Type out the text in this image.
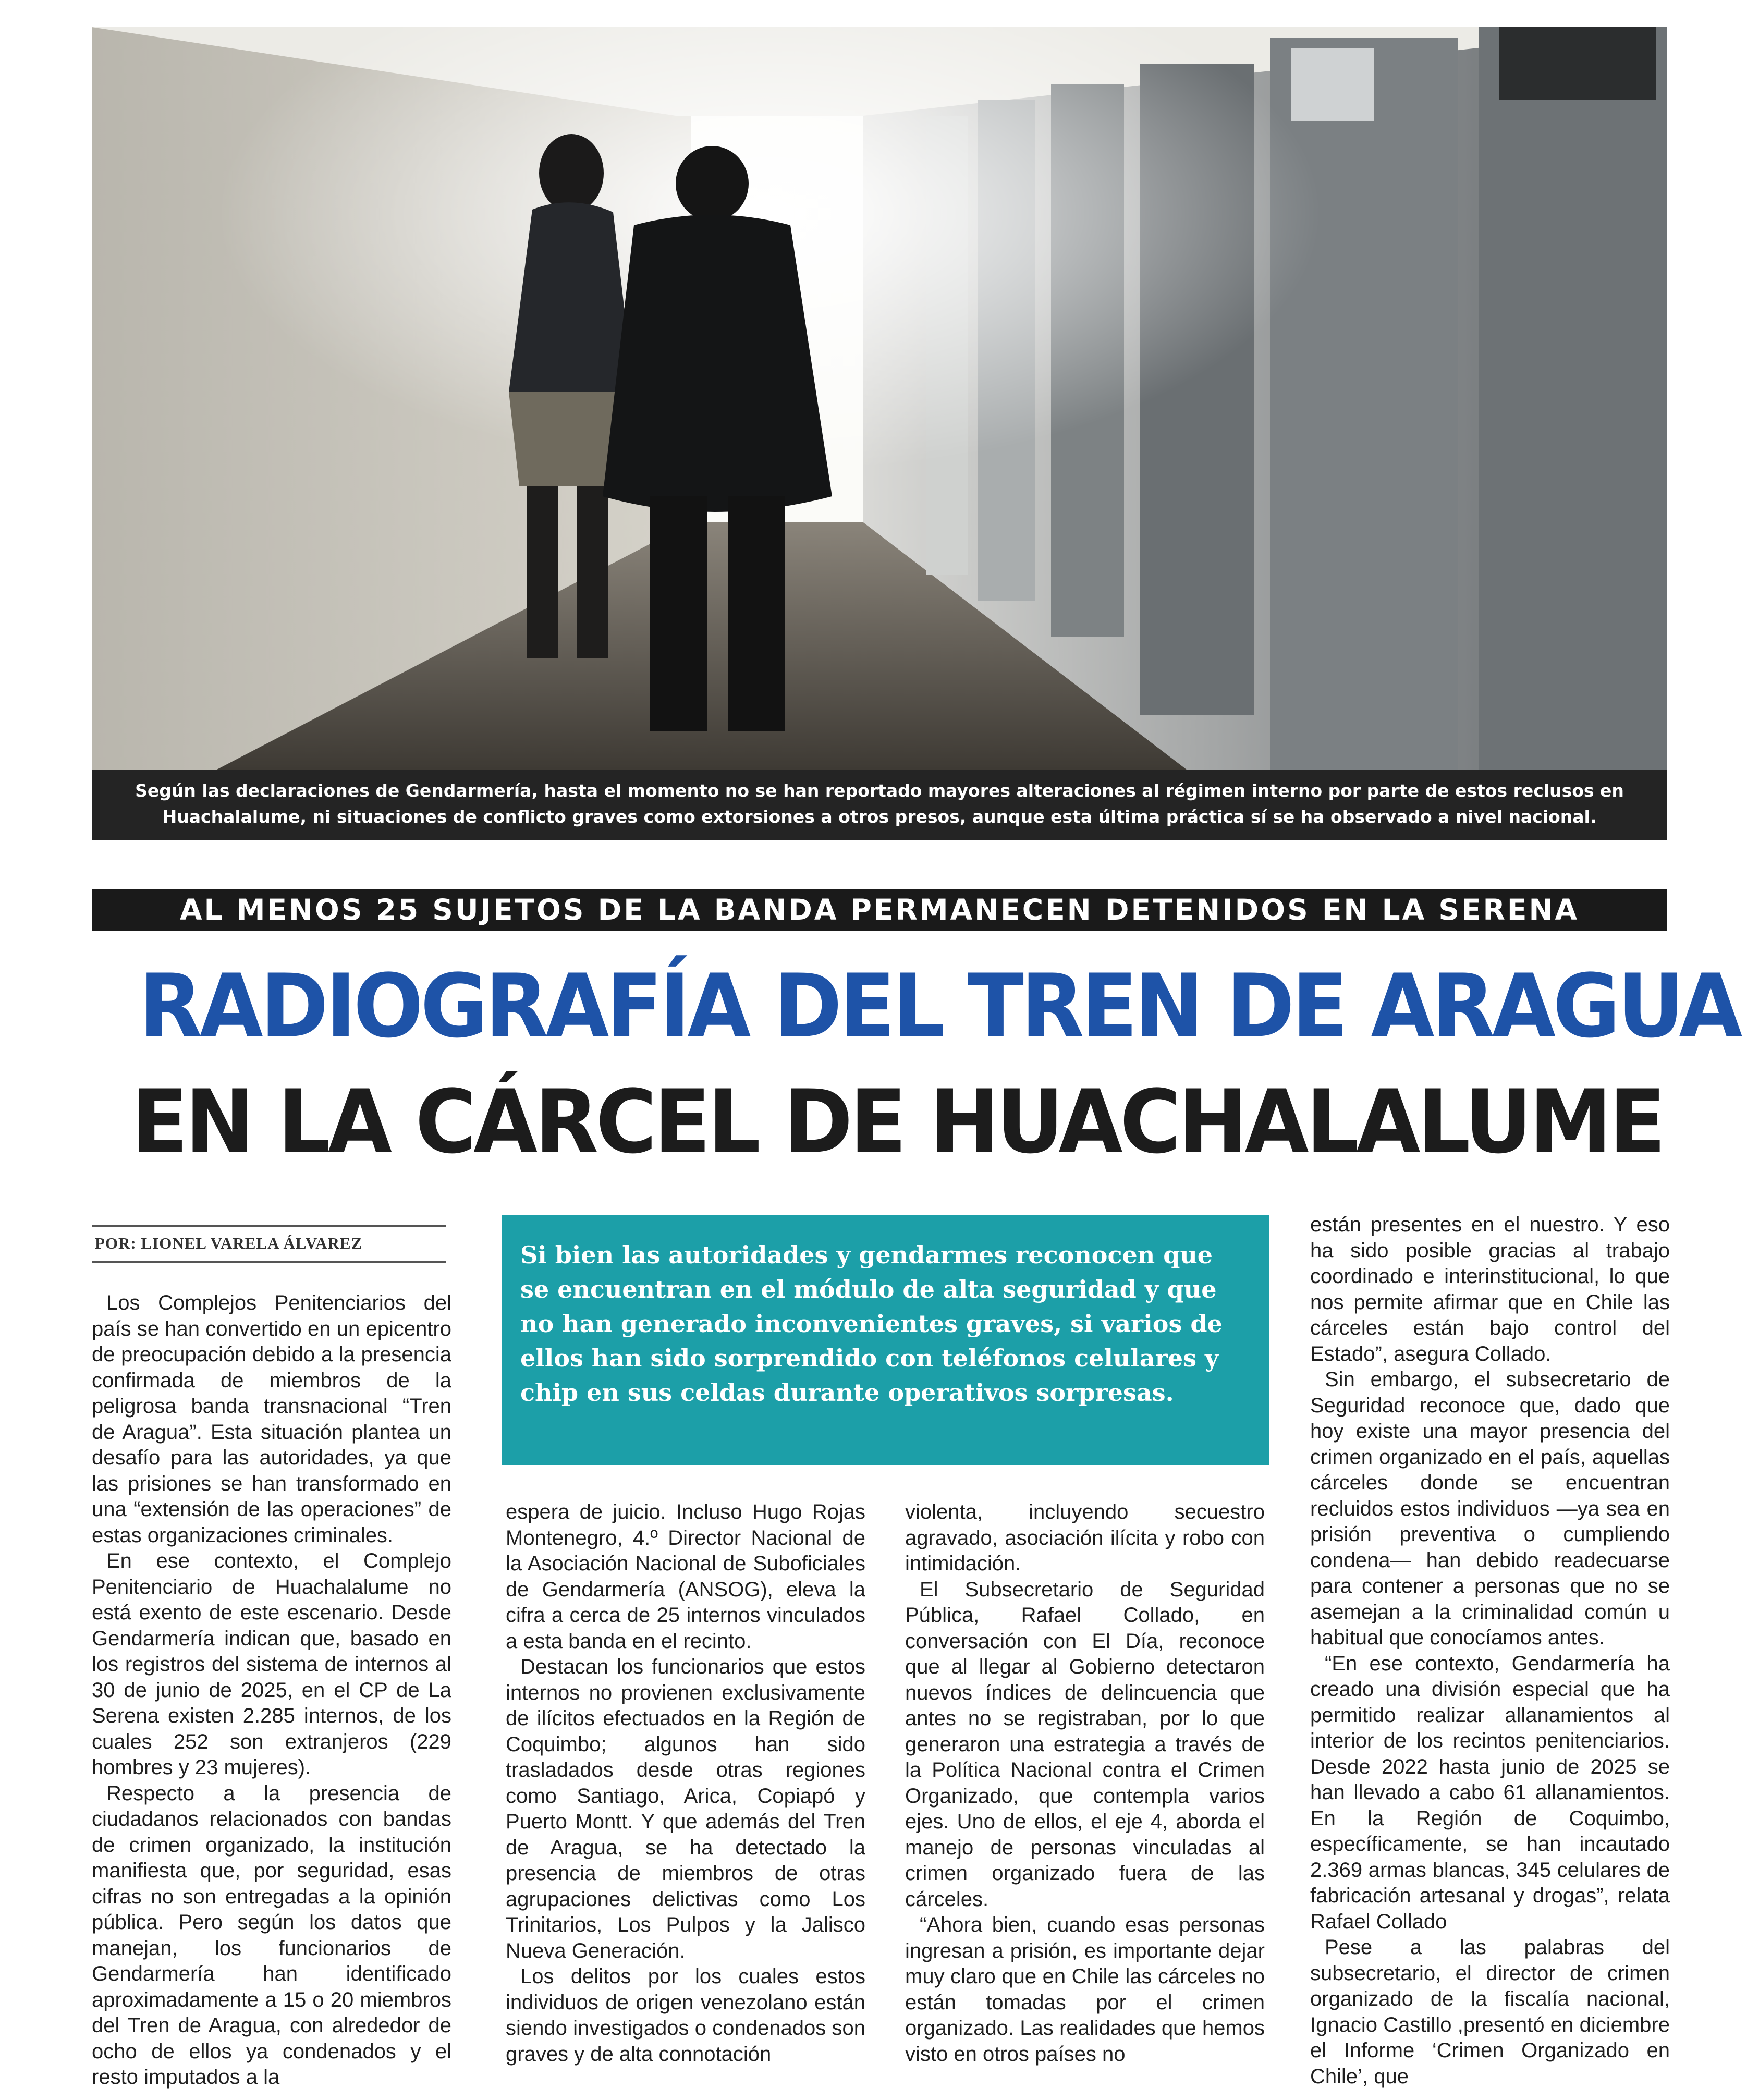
Según las declaraciones de Gendarmería, hasta el momento no se han reportado mayores alteraciones al régimen interno por parte de estos reclusos en Huachalalume, ni situaciones de conflicto graves como extorsiones a otros presos, aunque esta última práctica sí se ha observado a nivel nacional.
AL MENOS 25 SUJETOS DE LA BANDA PERMANECEN DETENIDOS EN LA SERENA
RADIOGRAFÍA DEL TREN DE ARAGUA
EN LA CÁRCEL DE HUACHALALUME
POR: LIONEL VARELA ÁLVAREZ	Si bien las autoridades y gendarmes reconocen que se encuentran en el módulo de alta seguridad y que no han generado inconvenientes graves, si varios de ellos han sido sorprendido con teléfonos celulares y chip en sus celdas durante operativos sorpresas.

Los Complejos Penitenciarios del país se han convertido en un epicentro de preocupación debido a la presencia confirmada de miembros de la peligrosa banda transnacional “Tren de Aragua”. Esta situación plantea un desafío para las autoridades, ya que las prisiones se han transformado en una “extensión de las operaciones” de estas organizaciones criminales.

En ese contexto, el Complejo Penitenciario de Huachalalume no está exento de este escenario. Desde Gendarmería indican que, basado en los registros del sistema de internos al 30 de junio de 2025, en el CP de La Serena existen 2.285 internos, de los cuales 252 son extranjeros (229 hombres y 23 mujeres).

Respecto a la presencia de ciudadanos relacionados con bandas de crimen organizado, la institución manifiesta que, por seguridad, esas cifras no son entregadas a la opinión pública. Pero según los datos que manejan, los funcionarios de Gendarmería han identificado aproximadamente a 15 o 20 miembros del Tren de Aragua, con alrededor de ocho de ellos ya condenados y el resto imputados a la

espera de juicio. Incluso Hugo Rojas Montenegro, 4.º Director Nacional de la Asociación Nacional de Suboficiales de Gendarmería (ANSOG), eleva la cifra a cerca de 25 internos vinculados a esta banda en el recinto.

Destacan los funcionarios que estos internos no provienen exclusivamente de ilícitos efectuados en la Región de Coquimbo; algunos han sido trasladados desde otras regiones como Santiago, Arica, Copiapó y Puerto Montt. Y que además del Tren de Aragua, se ha detectado la presencia de miembros de otras agrupaciones delictivas como Los Trinitarios, Los Pulpos y la Jalisco Nueva Generación.

Los delitos por los cuales estos individuos de origen venezolano están siendo investigados o condenados son graves y de alta connotación

violenta, incluyendo secuestro agravado, asociación ilícita y robo con intimidación.

El Subsecretario de Seguridad Pública, Rafael Collado, en conversación con El Día, reconoce que al llegar al Gobierno detectaron nuevos índices de delincuencia que antes no se registraban, por lo que generaron una estrategia a través de la Política Nacional contra el Crimen Organizado, que contempla varios ejes. Uno de ellos, el eje 4, aborda el manejo de personas vinculadas al crimen organizado fuera de las cárceles.

“Ahora bien, cuando esas personas ingresan a prisión, es importante dejar muy claro que en Chile las cárceles no están tomadas por el crimen organizado. Las realidades que hemos visto en otros países no

están presentes en el nuestro. Y eso ha sido posible gracias al trabajo coordinado e interinstitucional, lo que nos permite afirmar que en Chile las cárceles están bajo control del Estado”, asegura Collado.

Sin embargo, el subsecretario de Seguridad reconoce que, dado que hoy existe una mayor presencia del crimen organizado en el país, aquellas cárceles donde se encuentran recluidos estos individuos —ya sea en prisión preventiva o cumpliendo condena— han debido readecuarse para contener a personas que no se asemejan a la criminalidad común u habitual que conocíamos antes.

“En ese contexto, Gendarmería ha creado una división especial que ha permitido realizar allanamientos al interior de los recintos penitenciarios. Desde 2022 hasta junio de 2025 se han llevado a cabo 61 allanamientos. En la Región de Coquimbo, específicamente, se han incautado 2.369 armas blancas, 345 celulares de fabricación artesanal y drogas”, relata Rafael Collado

Pese a las palabras del subsecretario, el director de crimen organizado de la fiscalía nacional, Ignacio Castillo ,presentó en diciembre el Informe ‘Crimen Organizado en Chile’, que
